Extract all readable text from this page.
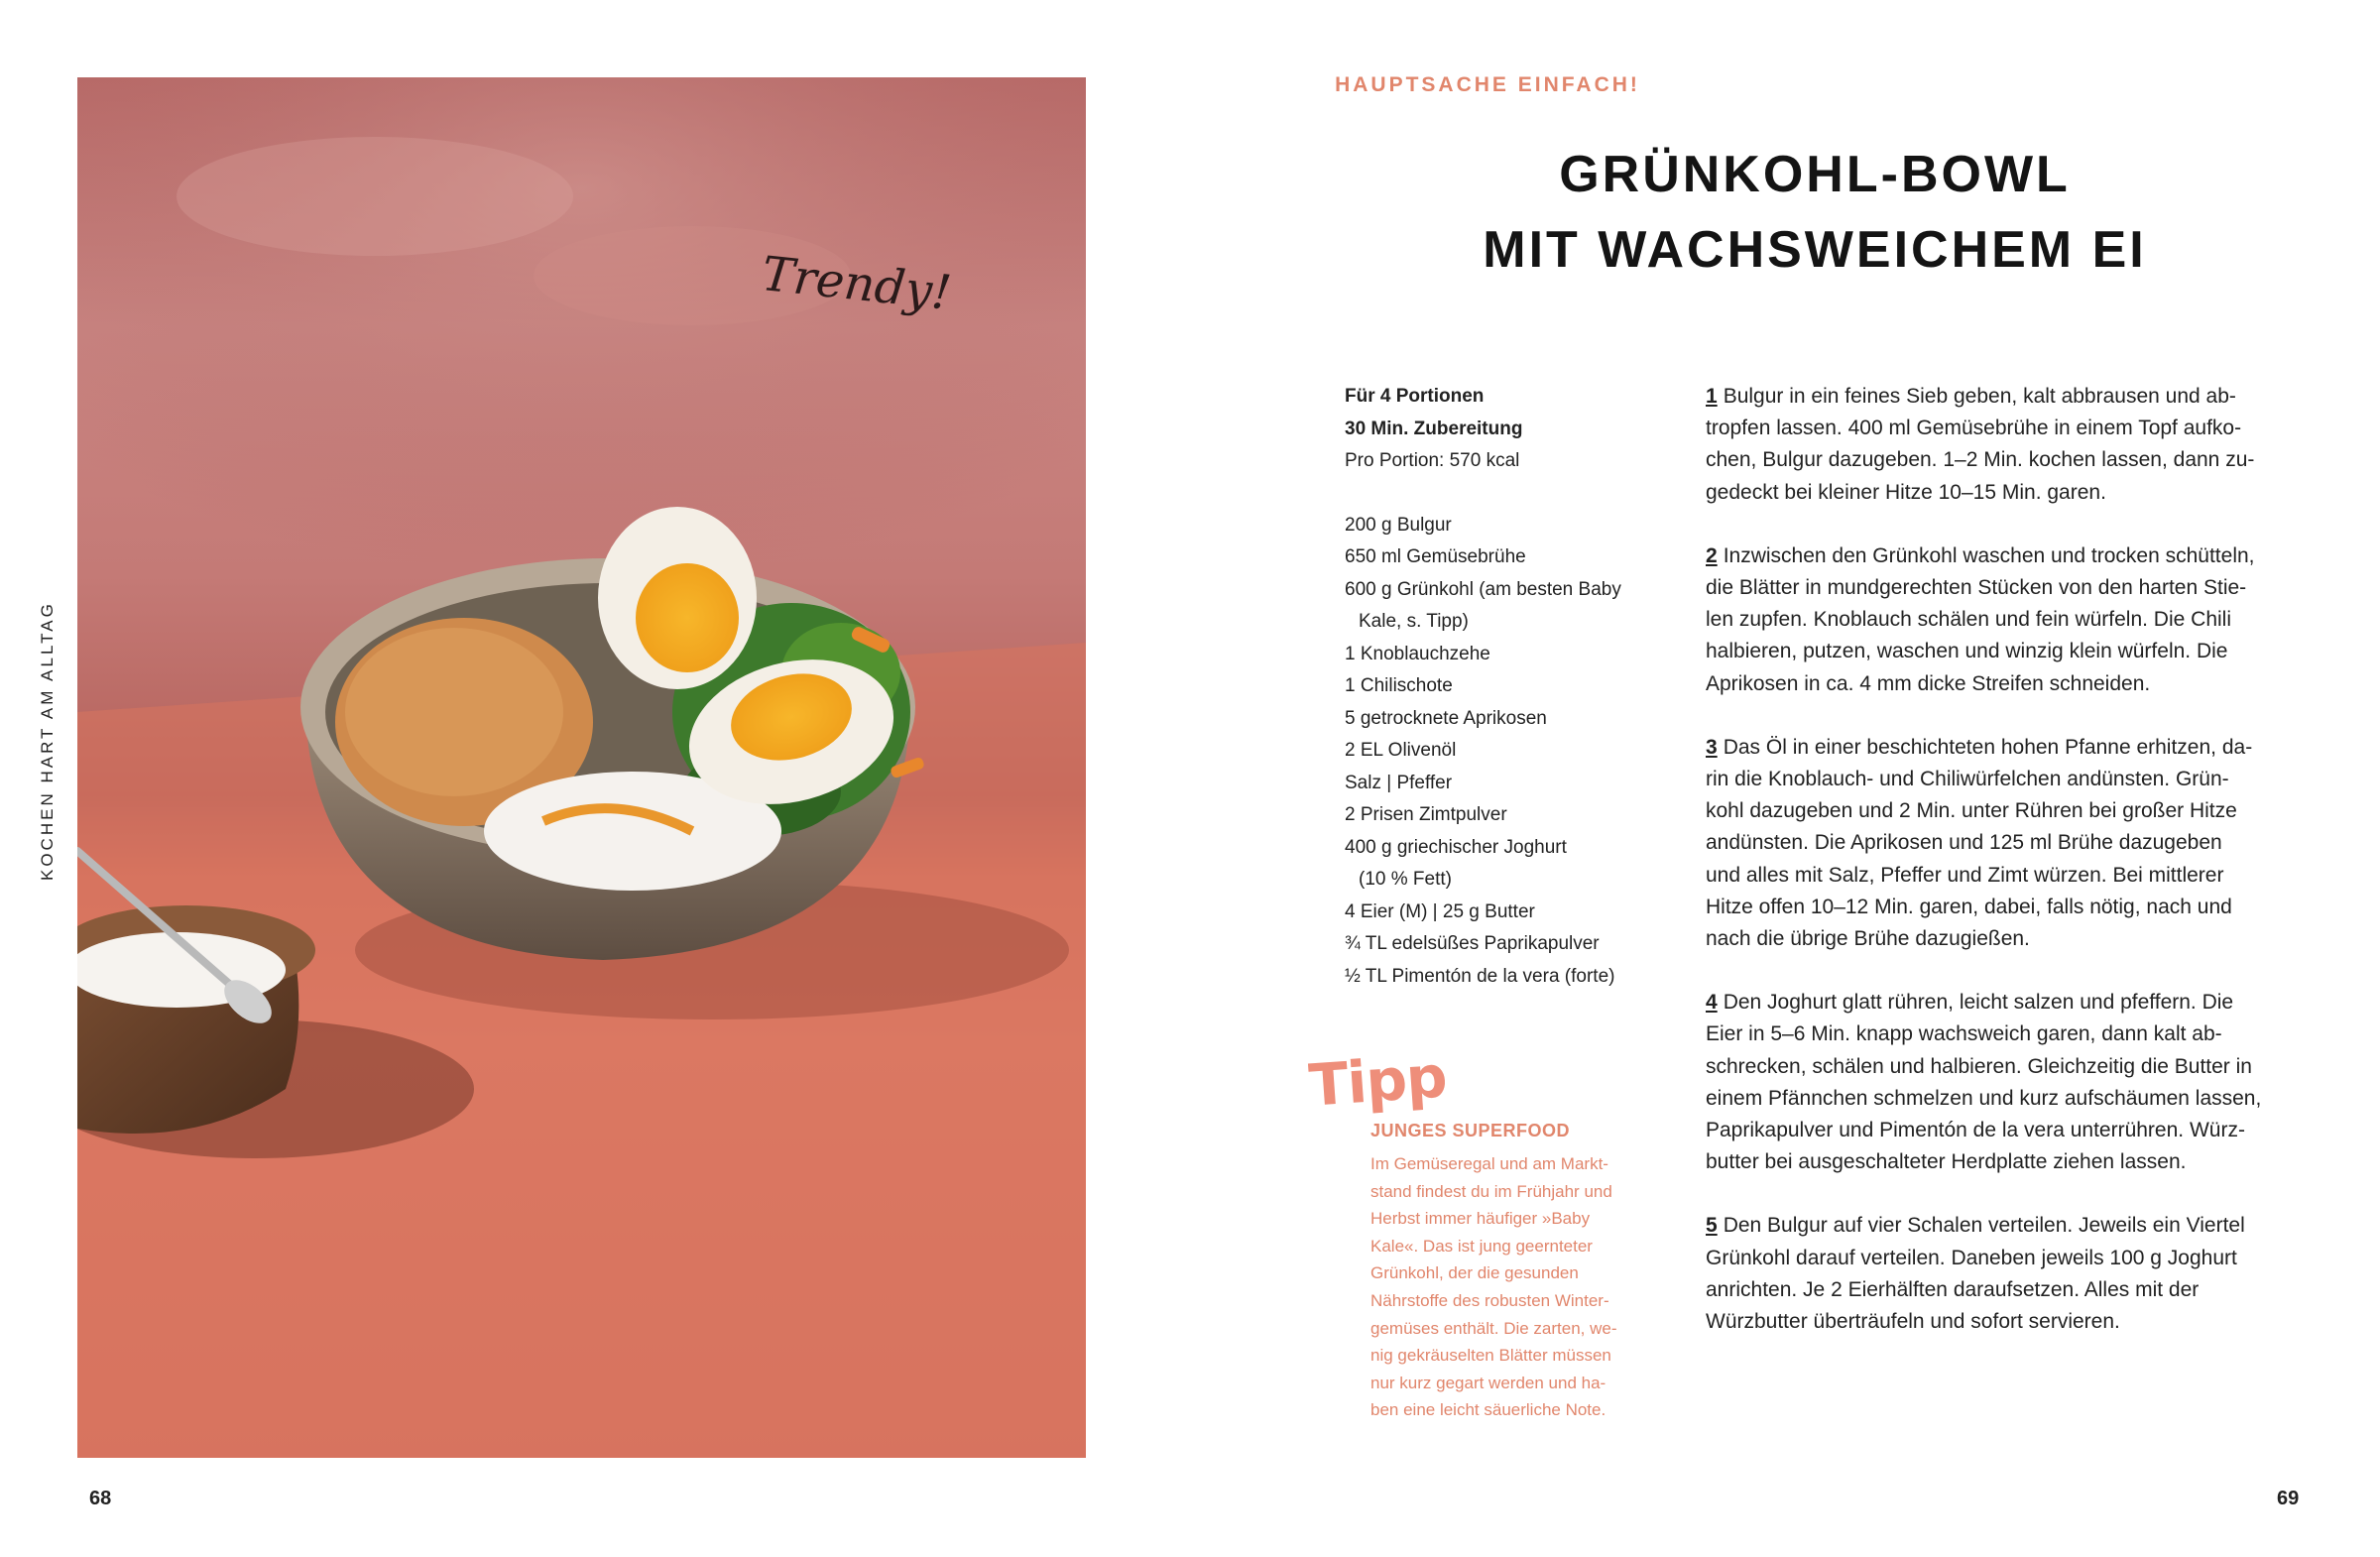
KOCHEN HART AM ALLTAG
Trendy!
68
HAUPTSACHE EINFACH!
GRÜNKOHL-BOWL
MIT WACHSWEICHEM EI
Für 4 Portionen
30 Min. Zubereitung
Pro Portion: 570 kcal
200 g Bulgur
650 ml Gemüsebrühe
600 g Grünkohl (am besten Baby
Kale, s. Tipp)
1 Knoblauchzehe
1 Chilischote
5 getrocknete Aprikosen
2 EL Olivenöl
Salz | Pfeffer
2 Prisen Zimtpulver
400 g griechischer Joghurt
(10 % Fett)
4 Eier (M) | 25 g Butter
¾ TL edelsüßes Paprikapulver
½ TL Pimentón de la vera (forte)
Tipp
JUNGES SUPERFOOD
Im Gemüseregal und am Markt-
stand findest du im Frühjahr und
Herbst immer häufiger »Baby
Kale«. Das ist jung geernteter
Grünkohl, der die gesunden
Nährstoffe des robusten Winter-
gemüses enthält. Die zarten, we-
nig gekräuselten Blätter müssen
nur kurz gegart werden und ha-
ben eine leicht säuerliche Note.
1 Bulgur in ein feines Sieb geben, kalt abbrausen und ab-
tropfen lassen. 400 ml Gemüsebrühe in einem Topf aufko-
chen, Bulgur dazugeben. 1–2 Min. kochen lassen, dann zu-
gedeckt bei kleiner Hitze 10–15 Min. garen.
2 Inzwischen den Grünkohl waschen und trocken schütteln,
die Blätter in mundgerechten Stücken von den harten Stie-
len zupfen. Knoblauch schälen und fein würfeln. Die Chili
halbieren, putzen, waschen und winzig klein würfeln. Die
Aprikosen in ca. 4 mm dicke Streifen schneiden.
3 Das Öl in einer beschichteten hohen Pfanne erhitzen, da-
rin die Knoblauch- und Chiliwürfelchen andünsten. Grün-
kohl dazugeben und 2 Min. unter Rühren bei großer Hitze
andünsten. Die Aprikosen und 125 ml Brühe dazugeben
und alles mit Salz, Pfeffer und Zimt würzen. Bei mittlerer
Hitze offen 10–12 Min. garen, dabei, falls nötig, nach und
nach die übrige Brühe dazugießen.
4 Den Joghurt glatt rühren, leicht salzen und pfeffern. Die
Eier in 5–6 Min. knapp wachsweich garen, dann kalt ab-
schrecken, schälen und halbieren. Gleichzeitig die Butter in
einem Pfännchen schmelzen und kurz aufschäumen lassen,
Paprikapulver und Pimentón de la vera unterrühren. Würz-
butter bei ausgeschalteter Herdplatte ziehen lassen.
5 Den Bulgur auf vier Schalen verteilen. Jeweils ein Viertel
Grünkohl darauf verteilen. Daneben jeweils 100 g Joghurt
anrichten. Je 2 Eierhälften daraufsetzen. Alles mit der
Würzbutter überträufeln und sofort servieren.
69
